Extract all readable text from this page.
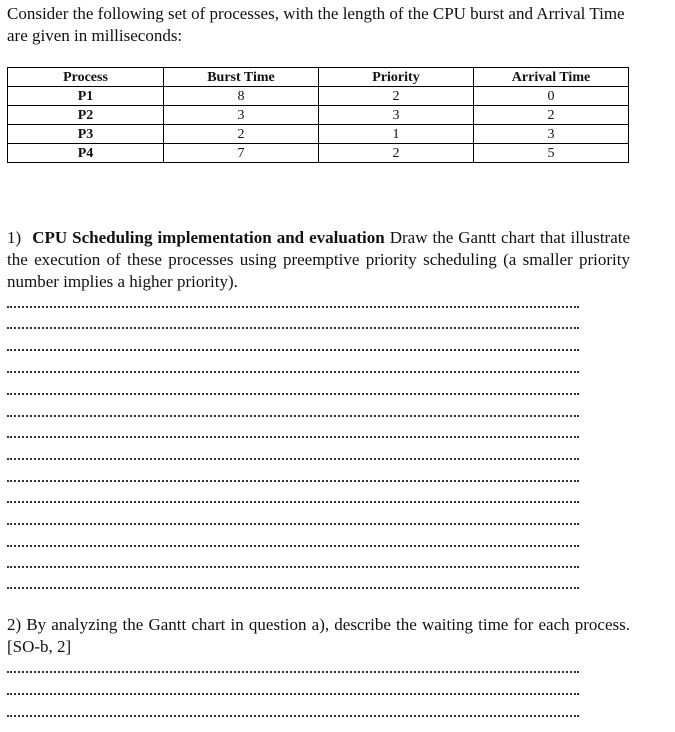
Consider the following set of processes, with the length of the CPU burst and Arrival Time are given in milliseconds:

Process	Burst Time	Priority	Arrival Time
P1	8	2	0
P2	3	3	2
P3	2	1	3
P4	7	2	5

1) CPU Scheduling implementation and evaluation Draw the Gantt chart that illustrate the execution of these processes using preemptive priority scheduling (a smaller priority number implies a higher priority).

2) By analyzing the Gantt chart in question a), describe the waiting time for each process. [SO-b, 2]
